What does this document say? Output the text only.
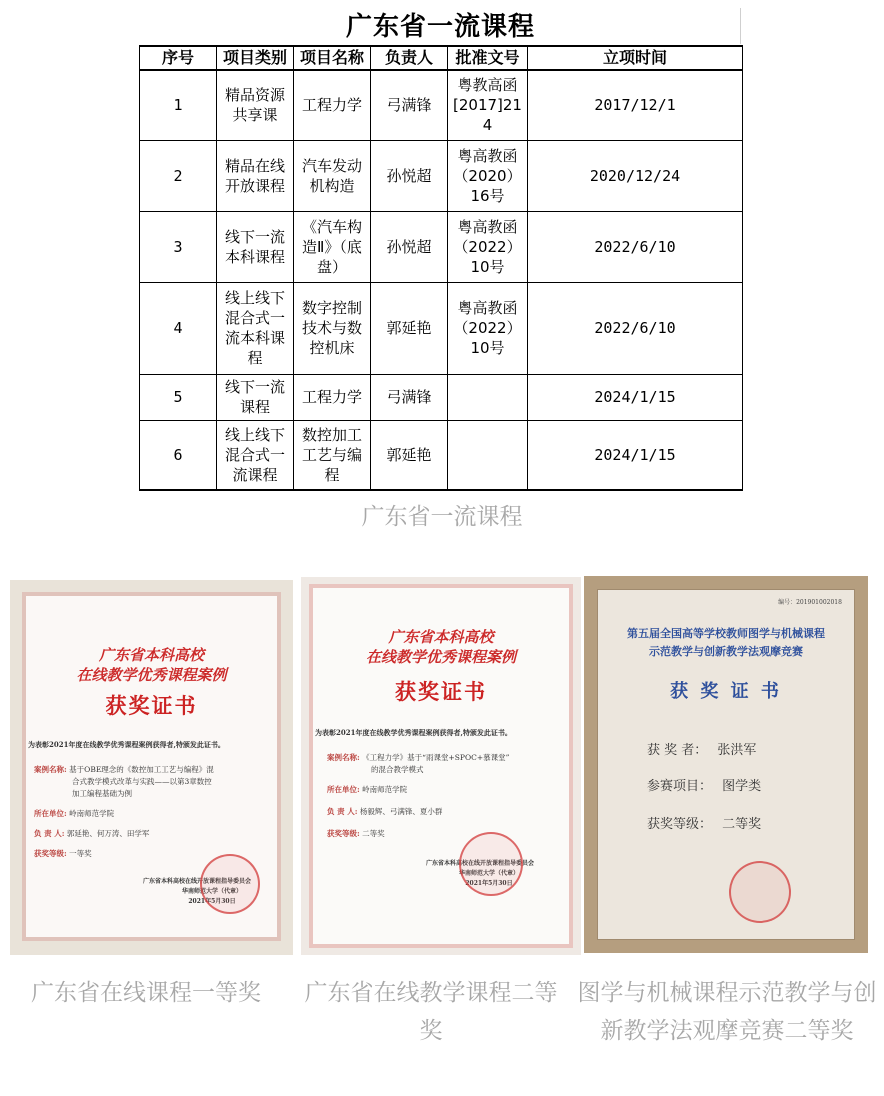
广东省一流课程
序号	项目类别	项目名称	负责人	批准文号	立项时间
1	精品资源共享课	工程力学	弓满锋	粤教高函[2017]214	2017/12/1
2	精品在线开放课程	汽车发动机构造	孙悦超	粤高教函（2020）16号	2020/12/24
3	线下一流本科课程	《汽车构造Ⅱ》（底盘）	孙悦超	粤高教函（2022）10号	2022/6/10
4	线上线下混合式一流本科课程	数字控制技术与数控机床	郭延艳	粤高教函（2022）10号	2022/6/10
5	线下一流课程	工程力学	弓满锋		2024/1/15
6	线上线下混合式一流课程	数控加工工艺与编程	郭延艳		2024/1/15
广东省一流课程
广东省本科高校
在线教学优秀课程案例
获奖证书
为表彰2021年度在线教学优秀课程案例获得者,特颁发此证书。
案例名称: 基于OBE理念的《数控加工工艺与编程》混
合式教学模式改革与实践——以第3章数控
加工编程基础为例
所在单位: 岭南师范学院
负 责 人: 郭延艳、何万涛、田学军
获奖等级: 一等奖
广东省本科高校在线开放课程指导委员会
华南师范大学（代章）
2021年5月30日
广东省本科高校
在线教学优秀课程案例
获奖证书
为表彰2021年度在线教学优秀课程案例获得者,特颁发此证书。
案例名称: 《工程力学》基于“雨课堂+SPOC+慕课堂”
的混合教学模式
所在单位: 岭南师范学院
负 责 人: 杨毅辉、弓满锋、夏小群
获奖等级: 二等奖
广东省本科高校在线开放课程指导委员会
华南师范大学（代章）
2021年5月30日
编号：201901002018
第五届全国高等学校教师图学与机械课程
示范教学与创新教学法观摩竞赛
获 奖 证 书
获 奖 者： 张洪军
参赛项目： 图学类
获奖等级： 二等奖
广东省在线课程一等奖	广东省在线教学课程二等奖
图学与机械课程示范教学与创新教学法观摩竞赛二等奖
